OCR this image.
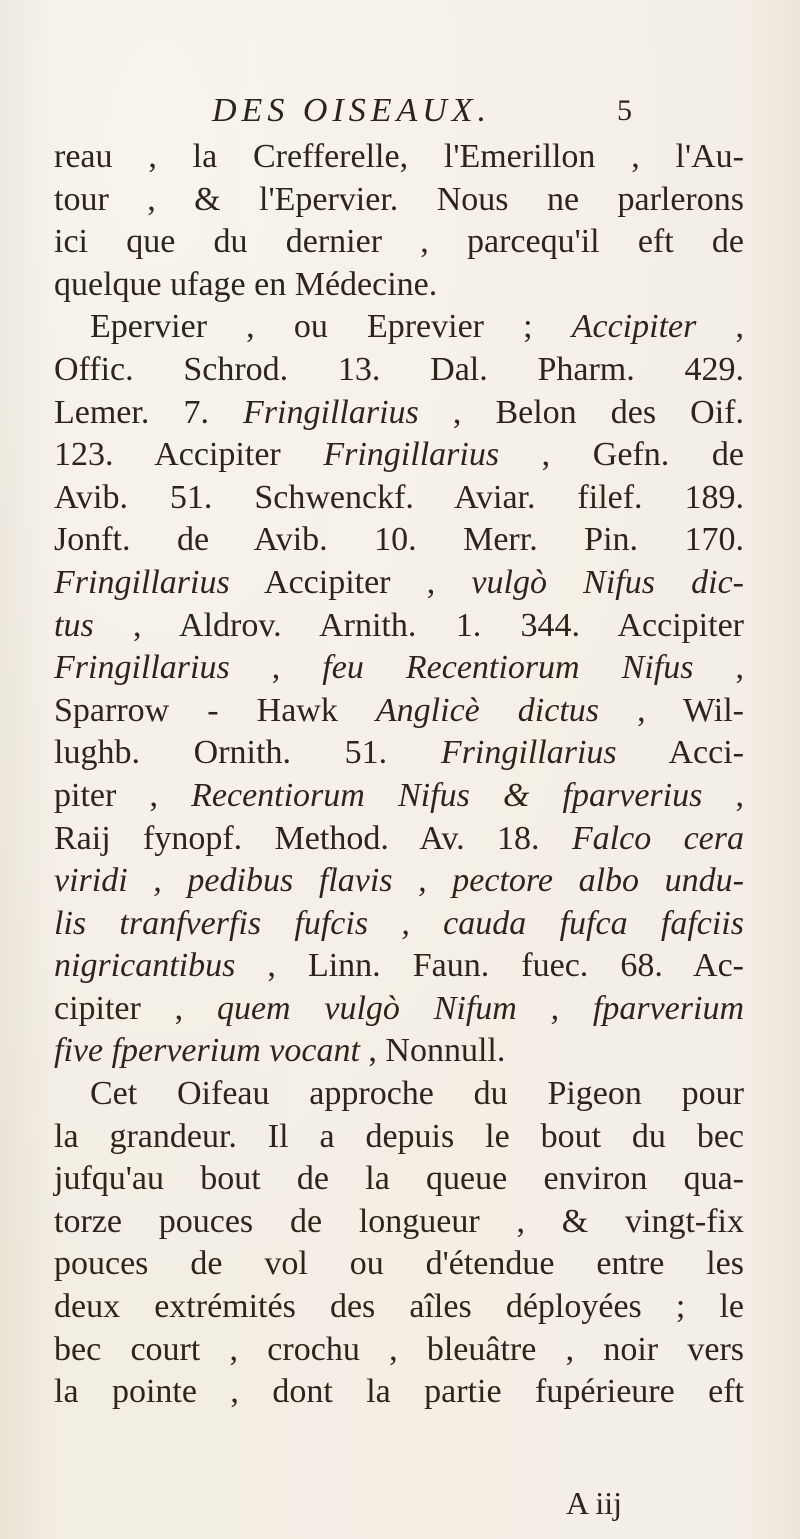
DES OISEAUX.	5
reau , la Crefferelle, l'Emerillon , l'Au-
tour , & l'Epervier. Nous ne parlerons
ici que du dernier , parcequ'il eft de
quelque ufage en Médecine.
Epervier , ou Eprevier ; Accipiter ,
Offic. Schrod. 13. Dal. Pharm. 429.
Lemer. 7. Fringillarius , Belon des Oif.
123. Accipiter Fringillarius , Gefn. de
Avib. 51. Schwenckf. Aviar. filef. 189.
Jonft. de Avib. 10. Merr. Pin. 170.
Fringillarius Accipiter , vulgò Nifus dic-
tus , Aldrov. Arnith. 1. 344. Accipiter
Fringillarius , feu Recentiorum Nifus ,
Sparrow - Hawk Anglicè dictus , Wil-
lughb. Ornith. 51. Fringillarius Acci-
piter , Recentiorum Nifus & fparverius ,
Raij fynopf. Method. Av. 18. Falco cera
viridi , pedibus flavis , pectore albo undu-
lis tranfverfis fufcis , cauda fufca fafciis
nigricantibus , Linn. Faun. fuec. 68. Ac-
cipiter , quem vulgò Nifum , fparverium
five fperverium vocant , Nonnull.
Cet Oifeau approche du Pigeon pour
la grandeur. Il a depuis le bout du bec
jufqu'au bout de la queue environ qua-
torze pouces de longueur , & vingt-fix
pouces de vol ou d'étendue entre les
deux extrémités des aîles déployées ; le
bec court , crochu , bleuâtre , noir vers
la pointe , dont la partie fupérieure eft
A iij
